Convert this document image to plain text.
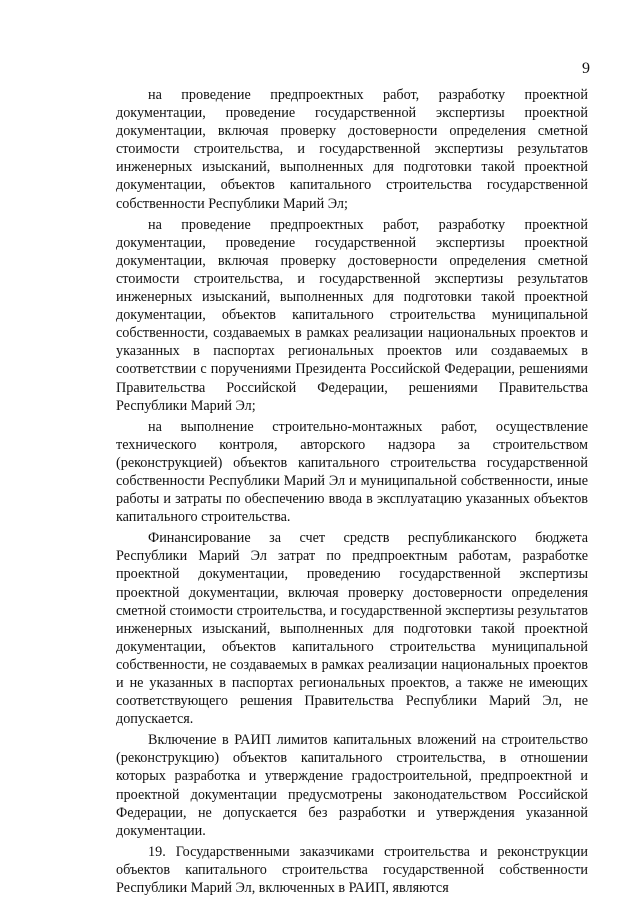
9

на проведение предпроектных работ, разработку проектной документации, проведение государственной экспертизы проектной документации, включая проверку достоверности определения сметной стоимости строительства, и государственной экспертизы результатов инженерных изысканий, выполненных для подготовки такой проектной документации, объектов капитального строительства государственной собственности Республики Марий Эл;

на проведение предпроектных работ, разработку проектной документации, проведение государственной экспертизы проектной документации, включая проверку достоверности определения сметной стоимости строительства, и государственной экспертизы результатов инженерных изысканий, выполненных для подготовки такой проектной документации, объектов капитального строительства муниципальной собственности, создаваемых в рамках реализации национальных проектов и указанных в паспортах региональных проектов или создаваемых в соответствии с поручениями Президента Российской Федерации, решениями Правительства Российской Федерации, решениями Правительства Республики Марий Эл;

на выполнение строительно-монтажных работ, осуществление технического контроля, авторского надзора за строительством (реконструкцией) объектов капитального строительства государственной собственности Республики Марий Эл и муниципальной собственности, иные работы и затраты по обеспечению ввода в эксплуатацию указанных объектов капитального строительства.

Финансирование за счет средств республиканского бюджета Республики Марий Эл затрат по предпроектным работам, разработке проектной документации, проведению государственной экспертизы проектной документации, включая проверку достоверности определения сметной стоимости строительства, и государственной экспертизы результатов инженерных изысканий, выполненных для подготовки такой проектной документации, объектов капитального строительства муниципальной собственности, не создаваемых в рамках реализации национальных проектов и не указанных в паспортах региональных проектов, а также не имеющих соответствующего решения Правительства Республики Марий Эл, не допускается.

Включение в РАИП лимитов капитальных вложений на строительство (реконструкцию) объектов капитального строительства, в отношении которых разработка и утверждение градостроительной, предпроектной и проектной документации предусмотрены законодательством Российской Федерации, не допускается без разработки и утверждения указанной документации.

19. Государственными заказчиками строительства и реконструкции объектов капитального строительства государственной собственности Республики Марий Эл, включенных в РАИП, являются
